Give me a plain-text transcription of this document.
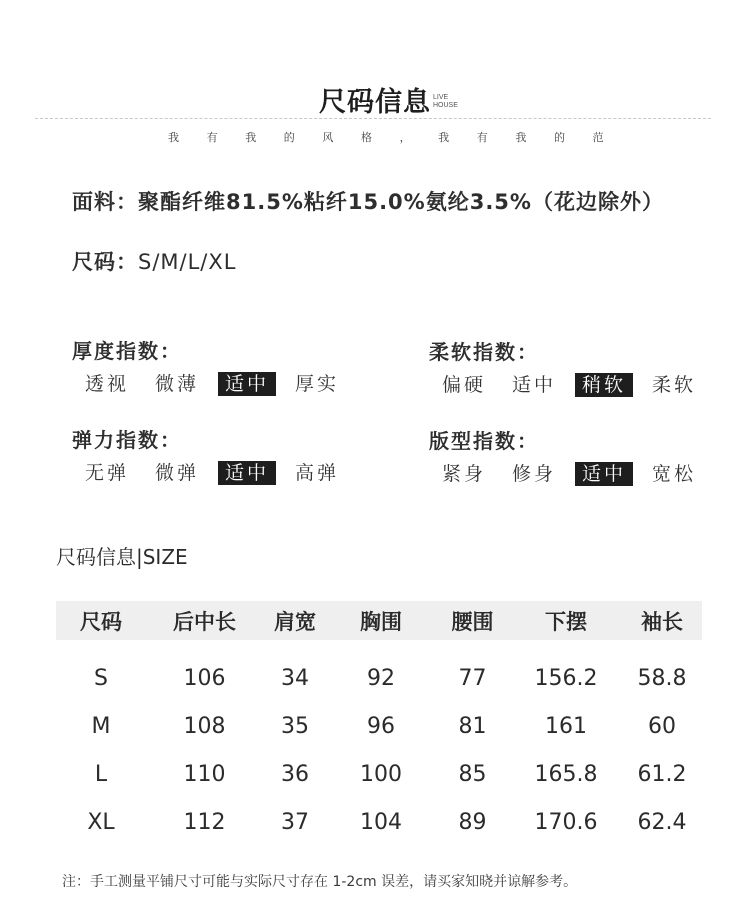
尺码信息 LIVE
HOUSE
我	有	我	的	风	格	，	我	有	我	的	范
面料：聚酯纤维81.5%粘纤15.0%氨纶3.5%（花边除外）
尺码：S/M/L/XL
厚度指数：
透视	微薄	适中	厚实
柔软指数：
偏硬	适中	稍软	柔软
弹力指数：
无弹	微弹	适中	高弹
版型指数：
紧身	修身	适中	宽松
尺码信息|SIZE
尺码	后中长	肩宽	胸围	腰围	下摆	袖长
S	106	34	92	77	156.2	58.8
M	108	35	96	81	161	60
L	110	36	100	85	165.8	61.2
XL	112	37	104	89	170.6	62.4
注：手工测量平铺尺寸可能与实际尺寸存在 1-2cm 误差，请买家知晓并谅解参考。
